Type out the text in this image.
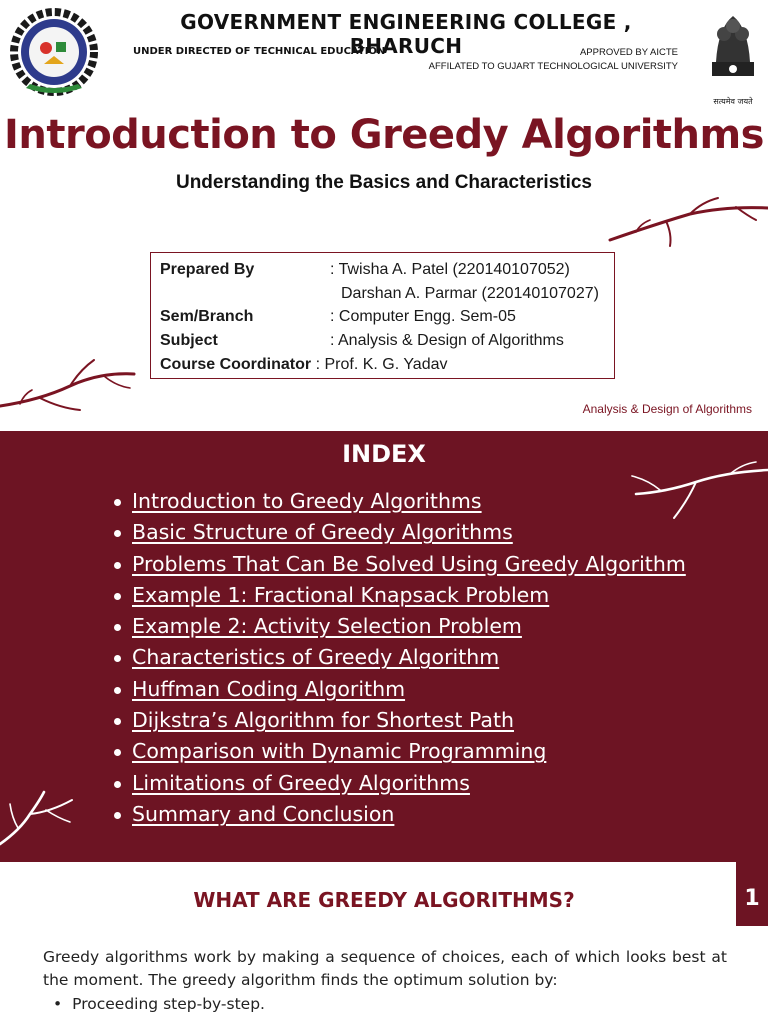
GOVERNMENT ENGINEERING COLLEGE , BHARUCH
UNDER DIRECTED OF TECHNICAL EDUCATION	APPROVED BY AICTE
AFFILATED TO GUJART TECHNOLOGICAL UNIVERSITY
सत्यमेव जयते
Introduction to Greedy Algorithms
Understanding the Basics and Characteristics
Prepared By	: Twisha A. Patel (220140107052)
Darshan A. Parmar (220140107027)
Sem/Branch	: Computer Engg. Sem-05
Subject	: Analysis & Design of Algorithms
Course Coordinator : Prof. K. G. Yadav
Analysis & Design of Algorithms
INDEX
Introduction to Greedy Algorithms
Basic Structure of Greedy Algorithms
Problems That Can Be Solved Using Greedy Algorithm
Example 1: Fractional Knapsack Problem
Example 2: Activity Selection Problem
Characteristics of Greedy Algorithm
Huffman Coding Algorithm
Dijkstra’s Algorithm for Shortest Path
Comparison with Dynamic Programming
Limitations of Greedy Algorithms
Summary and Conclusion
1
WHAT ARE GREEDY ALGORITHMS?
Greedy algorithms work by making a sequence of choices, each of which looks best at the moment. The greedy algorithm finds the optimum solution by:
• Proceeding step-by-step.
